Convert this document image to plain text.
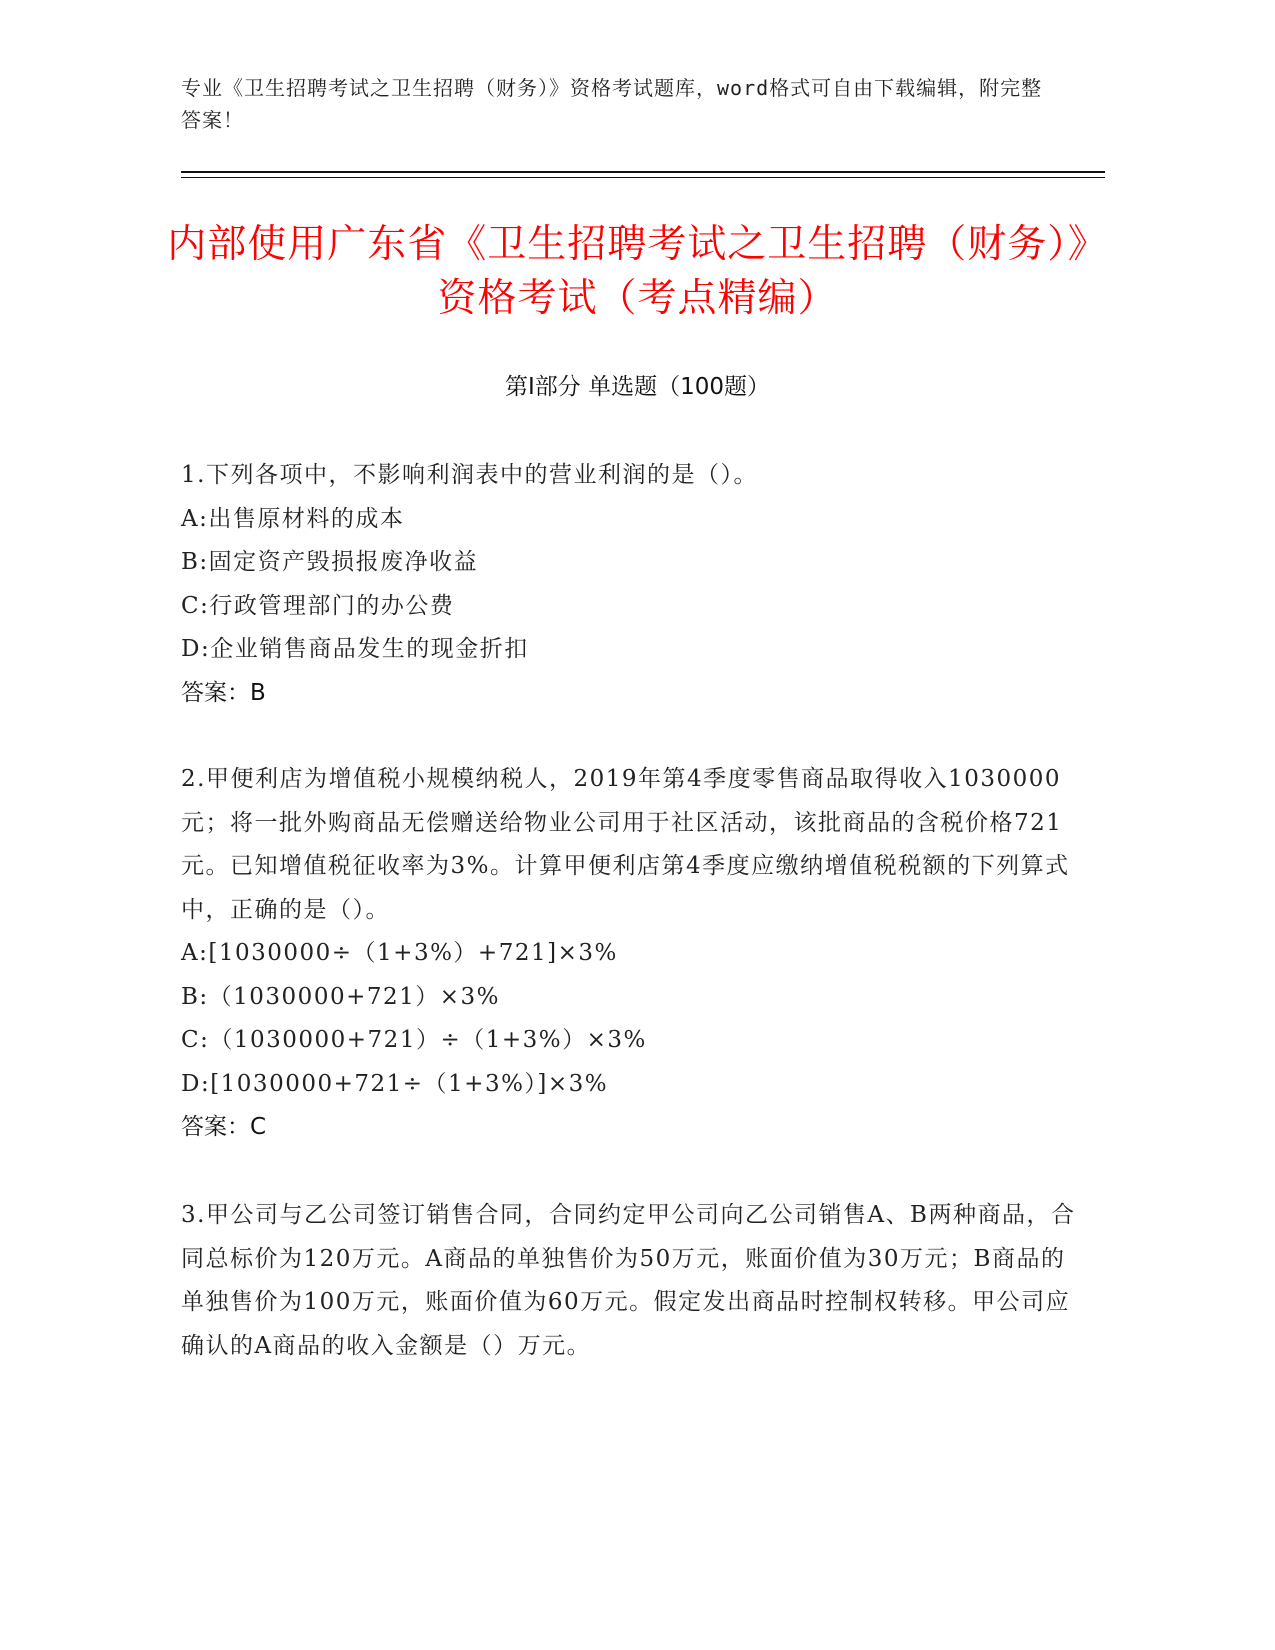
专业《卫生招聘考试之卫生招聘（财务）》资格考试题库，word格式可自由下载编辑，附完整答案！
内部使用广东省《卫生招聘考试之卫生招聘（财务）》资格考试（考点精编）
第Ⅰ部分 单选题（100题）
1.下列各项中，不影响利润表中的营业利润的是（）。
A:出售原材料的成本
B:固定资产毁损报废净收益
C:行政管理部门的办公费
D:企业销售商品发生的现金折扣
答案：B
2.甲便利店为增值税小规模纳税人，2019年第4季度零售商品取得收入1030000元；将一批外购商品无偿赠送给物业公司用于社区活动，该批商品的含税价格721元。已知增值税征收率为3%。计算甲便利店第4季度应缴纳增值税税额的下列算式中，正确的是（）。
A:[1030000÷（1+3%）+721]×3%
B:（1030000+721）×3%
C:（1030000+721）÷（1+3%）×3%
D:[1030000+721÷（1+3%）]×3%
答案：C
3.甲公司与乙公司签订销售合同，合同约定甲公司向乙公司销售A、B两种商品，合同总标价为120万元。A商品的单独售价为50万元，账面价值为30万元；B商品的单独售价为100万元，账面价值为60万元。假定发出商品时控制权转移。甲公司应确认的A商品的收入金额是（）万元。
